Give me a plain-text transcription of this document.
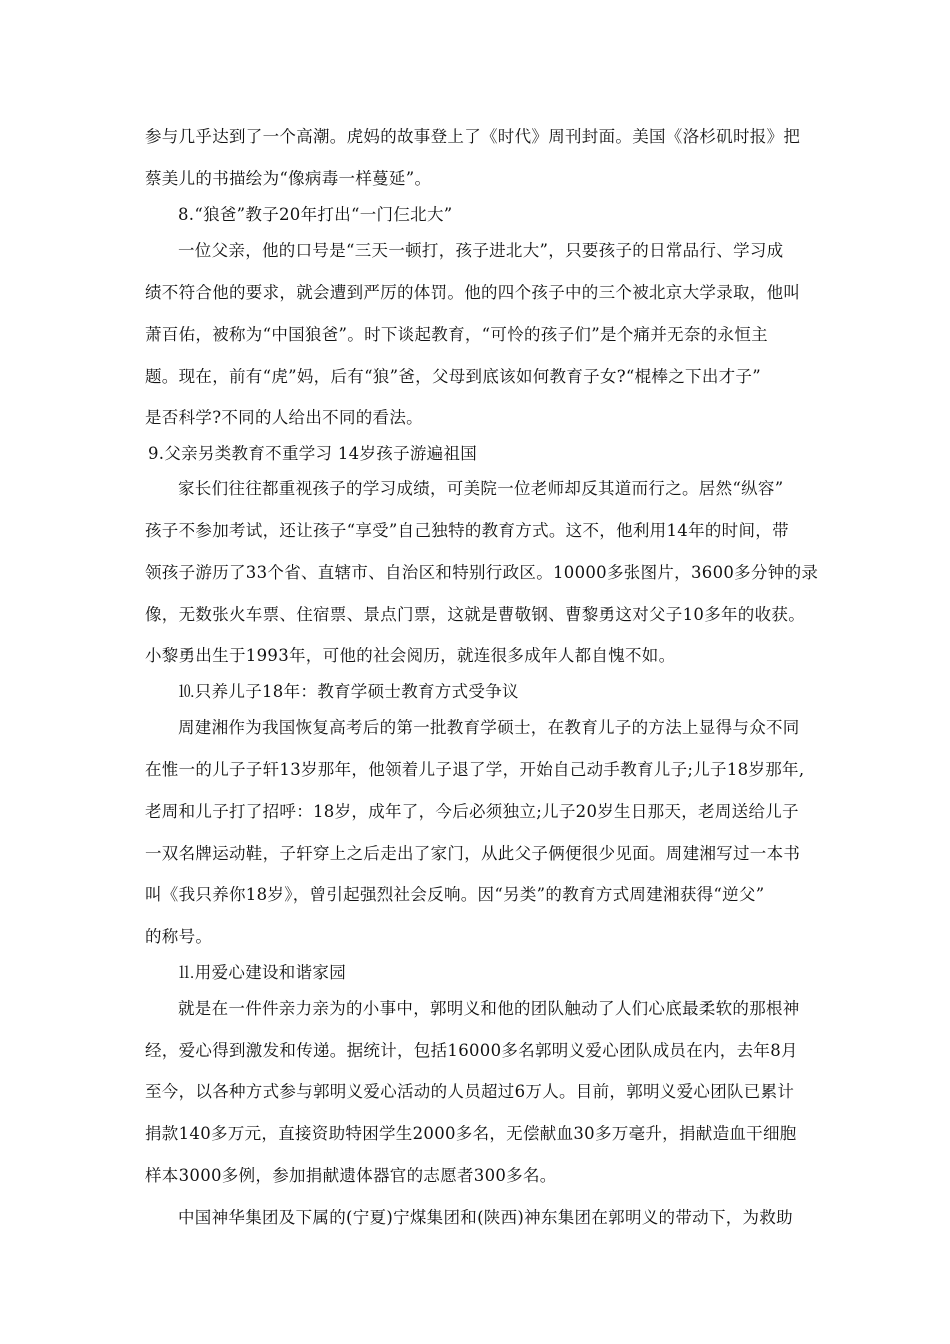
参与几乎达到了一个高潮。虎妈的故事登上了《时代》周刊封面。美国《洛杉矶时报》把
蔡美儿的书描绘为“像病毒一样蔓延”。
8.“狼爸”教子20年打出“一门仨北大”
一位父亲，他的口号是“三天一顿打，孩子进北大”，只要孩子的日常品行、学习成
绩不符合他的要求，就会遭到严厉的体罚。他的四个孩子中的三个被北京大学录取，他叫
萧百佑，被称为“中国狼爸”。时下谈起教育，“可怜的孩子们”是个痛并无奈的永恒主
题。现在，前有“虎”妈，后有“狼”爸，父母到底该如何教育子女?“棍棒之下出才子”
是否科学?不同的人给出不同的看法。
9.父亲另类教育不重学习 14岁孩子游遍祖国
家长们往往都重视孩子的学习成绩，可美院一位老师却反其道而行之。居然“纵容”
孩子不参加考试，还让孩子“享受”自己独特的教育方式。这不，他利用14年的时间，带
领孩子游历了33个省、直辖市、自治区和特别行政区。10000多张图片，3600多分钟的录
像，无数张火车票、住宿票、景点门票，这就是曹敬钢、曹黎勇这对父子10多年的收获。
小黎勇出生于1993年，可他的社会阅历，就连很多成年人都自愧不如。
⒑只养儿子18年：教育学硕士教育方式受争议
周建湘作为我国恢复高考后的第一批教育学硕士，在教育儿子的方法上显得与众不同
在惟一的儿子子轩13岁那年，他领着儿子退了学，开始自己动手教育儿子;儿子18岁那年,
老周和儿子打了招呼：18岁，成年了，今后必须独立;儿子20岁生日那天，老周送给儿子
一双名牌运动鞋，子轩穿上之后走出了家门，从此父子俩便很少见面。周建湘写过一本书
叫《我只养你18岁》，曾引起强烈社会反响。因“另类”的教育方式周建湘获得“逆父”
的称号。
⒒用爱心建设和谐家园
就是在一件件亲力亲为的小事中，郭明义和他的团队触动了人们心底最柔软的那根神
经，爱心得到激发和传递。据统计，包括16000多名郭明义爱心团队成员在内，去年8月
至今，以各种方式参与郭明义爱心活动的人员超过6万人。目前，郭明义爱心团队已累计
捐款140多万元，直接资助特困学生2000多名，无偿献血30多万毫升，捐献造血干细胞
样本3000多例，参加捐献遗体器官的志愿者300多名。
中国神华集团及下属的(宁夏)宁煤集团和(陕西)神东集团在郭明义的带动下，为救助
